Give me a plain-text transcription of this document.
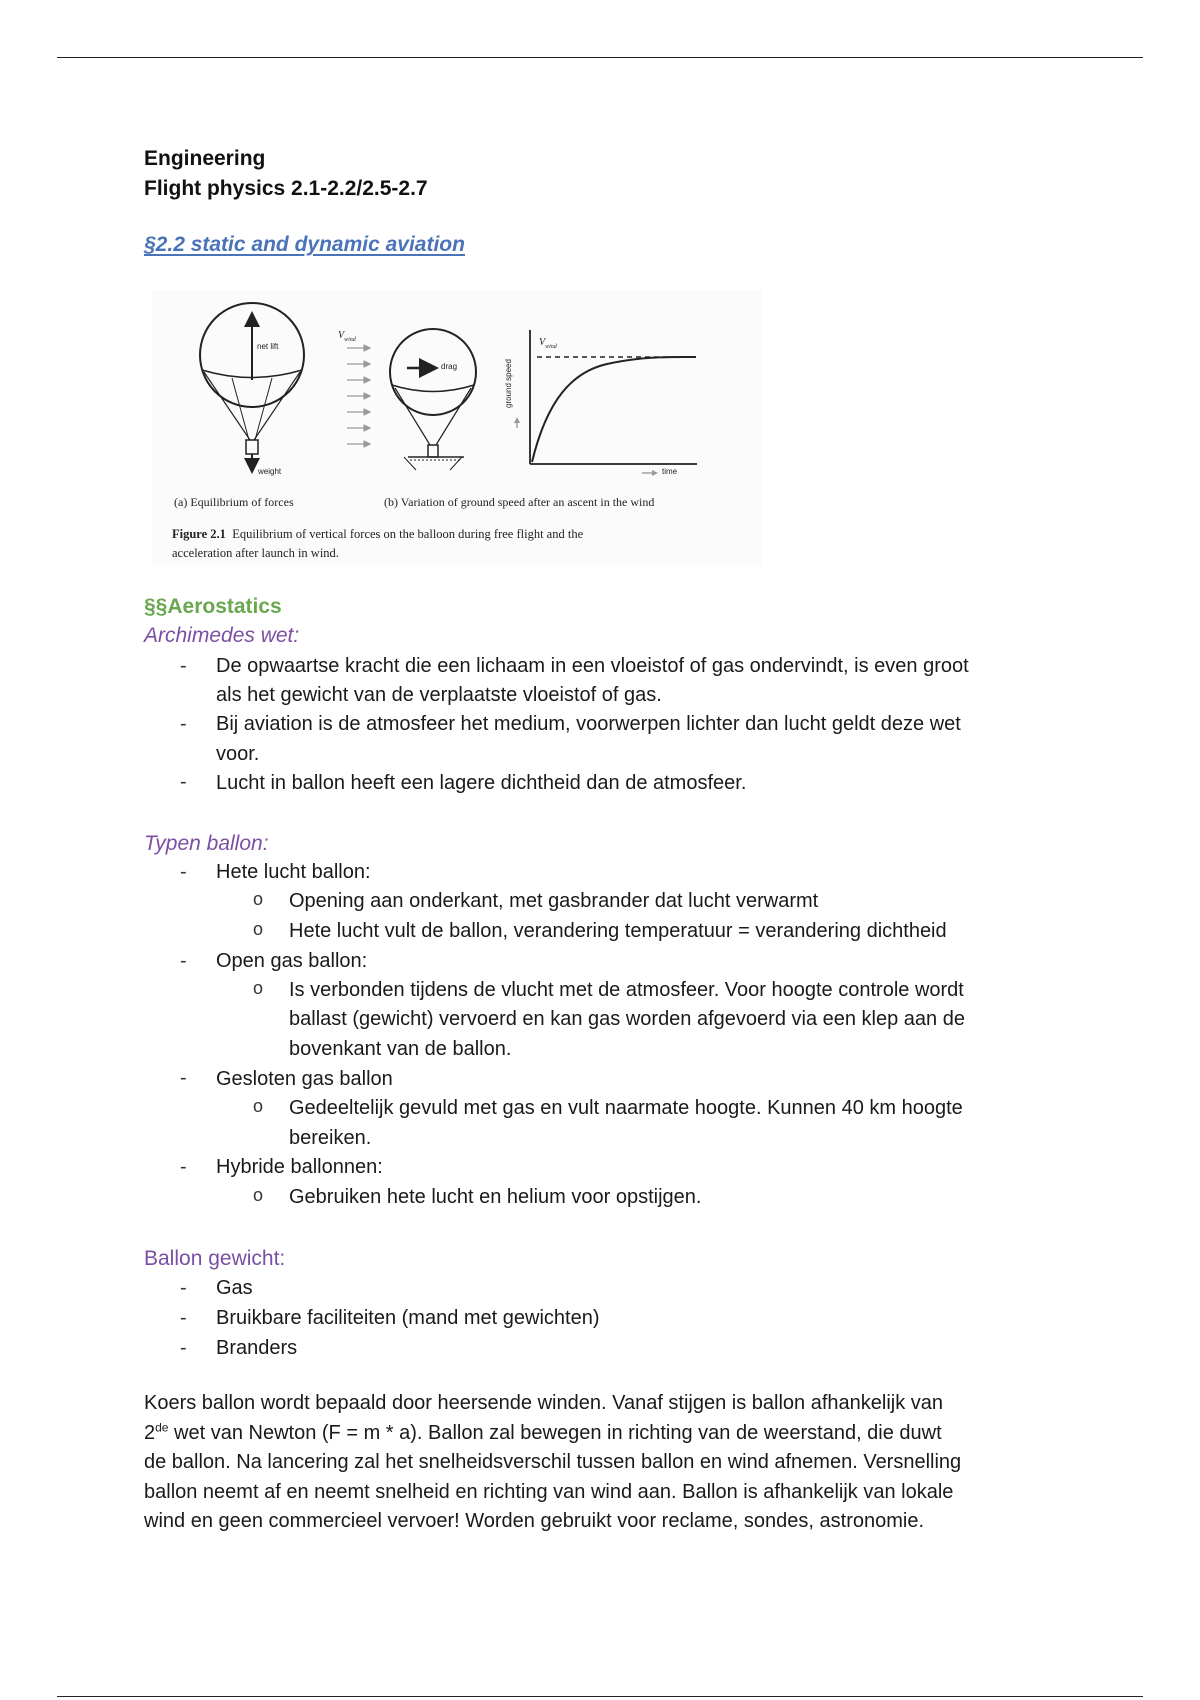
Engineering
Flight physics 2.1-2.2/2.5-2.7
§2.2 static and dynamic aviation
net lift
weight
$V_{wind}$
drag	ground speed
$V_{wind}$
time
(a) Equilibrium of forces	(b) Variation of ground speed after an ascent in the wind
Figure 2.1 Equilibrium of vertical forces on the balloon during free flight and the
acceleration after launch in wind.
§§Aerostatics
Archimedes wet:
- De opwaartse kracht die een lichaam in een vloeistof of gas ondervindt, is even groot
als het gewicht van de verplaatste vloeistof of gas.
- Bij aviation is de atmosfeer het medium, voorwerpen lichter dan lucht geldt deze wet
voor.
- Lucht in ballon heeft een lagere dichtheid dan de atmosfeer.
Typen ballon:
- Hete lucht ballon:
o Opening aan onderkant, met gasbrander dat lucht verwarmt
o Hete lucht vult de ballon, verandering temperatuur = verandering dichtheid
- Open gas ballon:
o Is verbonden tijdens de vlucht met de atmosfeer. Voor hoogte controle wordt
ballast (gewicht) vervoerd en kan gas worden afgevoerd via een klep aan de
bovenkant van de ballon.
- Gesloten gas ballon
o Gedeeltelijk gevuld met gas en vult naarmate hoogte. Kunnen 40 km hoogte
bereiken.
- Hybride ballonnen:
o Gebruiken hete lucht en helium voor opstijgen.
Ballon gewicht:
- Gas
- Bruikbare faciliteiten (mand met gewichten)
- Branders
Koers ballon wordt bepaald door heersende winden. Vanaf stijgen is ballon afhankelijk van
2de wet van Newton (F = m * a). Ballon zal bewegen in richting van de weerstand, die duwt
de ballon. Na lancering zal het snelheidsverschil tussen ballon en wind afnemen. Versnelling
ballon neemt af en neemt snelheid en richting van wind aan. Ballon is afhankelijk van lokale
wind en geen commercieel vervoer! Worden gebruikt voor reclame, sondes, astronomie.
